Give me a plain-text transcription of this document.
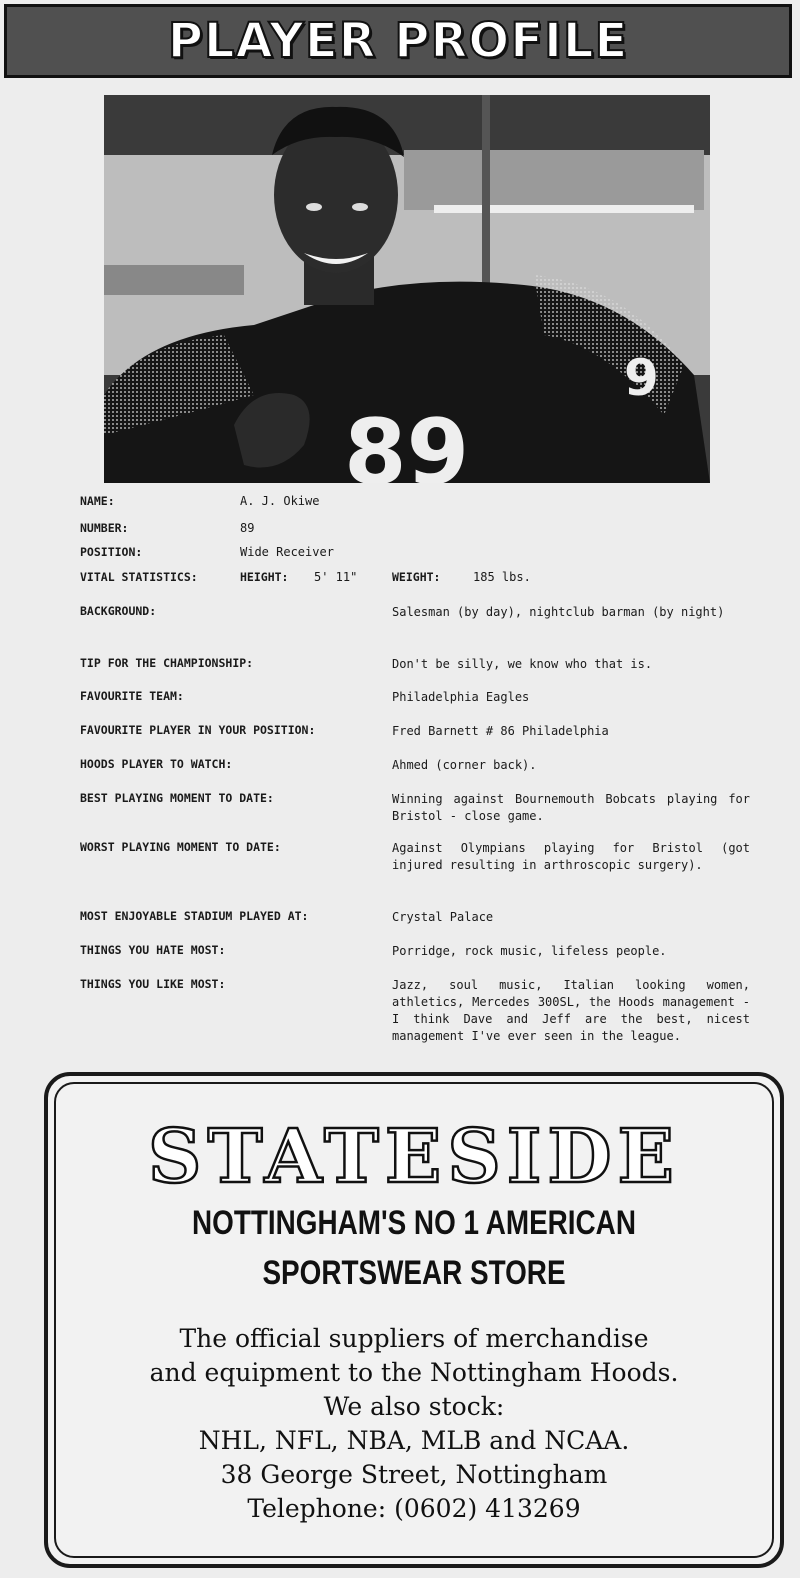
PLAYER PROFILE
89
9
NAME:	A. J. Okiwe
NUMBER:	89
POSITION:	Wide Receiver
VITAL STATISTICS:	HEIGHT: 5' 11"	WEIGHT:	185 lbs.
BACKGROUND:	Salesman (by day), nightclub barman (by night)
TIP FOR THE CHAMPIONSHIP:	Don't be silly, we know who that is.
FAVOURITE TEAM:	Philadelphia Eagles
FAVOURITE PLAYER IN YOUR POSITION:	Fred Barnett # 86 Philadelphia
HOODS PLAYER TO WATCH:	Ahmed (corner back).
BEST PLAYING MOMENT TO DATE:	Winning against Bournemouth Bobcats playing for Bristol - close game.
WORST PLAYING MOMENT TO DATE:	Against Olympians playing for Bristol (got injured resulting in arthroscopic surgery).
MOST ENJOYABLE STADIUM PLAYED AT:	Crystal Palace
THINGS YOU HATE MOST:	Porridge, rock music, lifeless people.
THINGS YOU LIKE MOST:	Jazz, soul music, Italian looking women, athletics, Mercedes 300SL, the Hoods management - I think Dave and Jeff are the best, nicest management I've ever seen in the league.
STATESIDE
NOTTINGHAM'S NO 1 AMERICAN
SPORTSWEAR STORE
The official suppliers of merchandise
and equipment to the Nottingham Hoods.
We also stock:
NHL, NFL, NBA, MLB and NCAA.
38 George Street, Nottingham
Telephone: (0602) 413269
